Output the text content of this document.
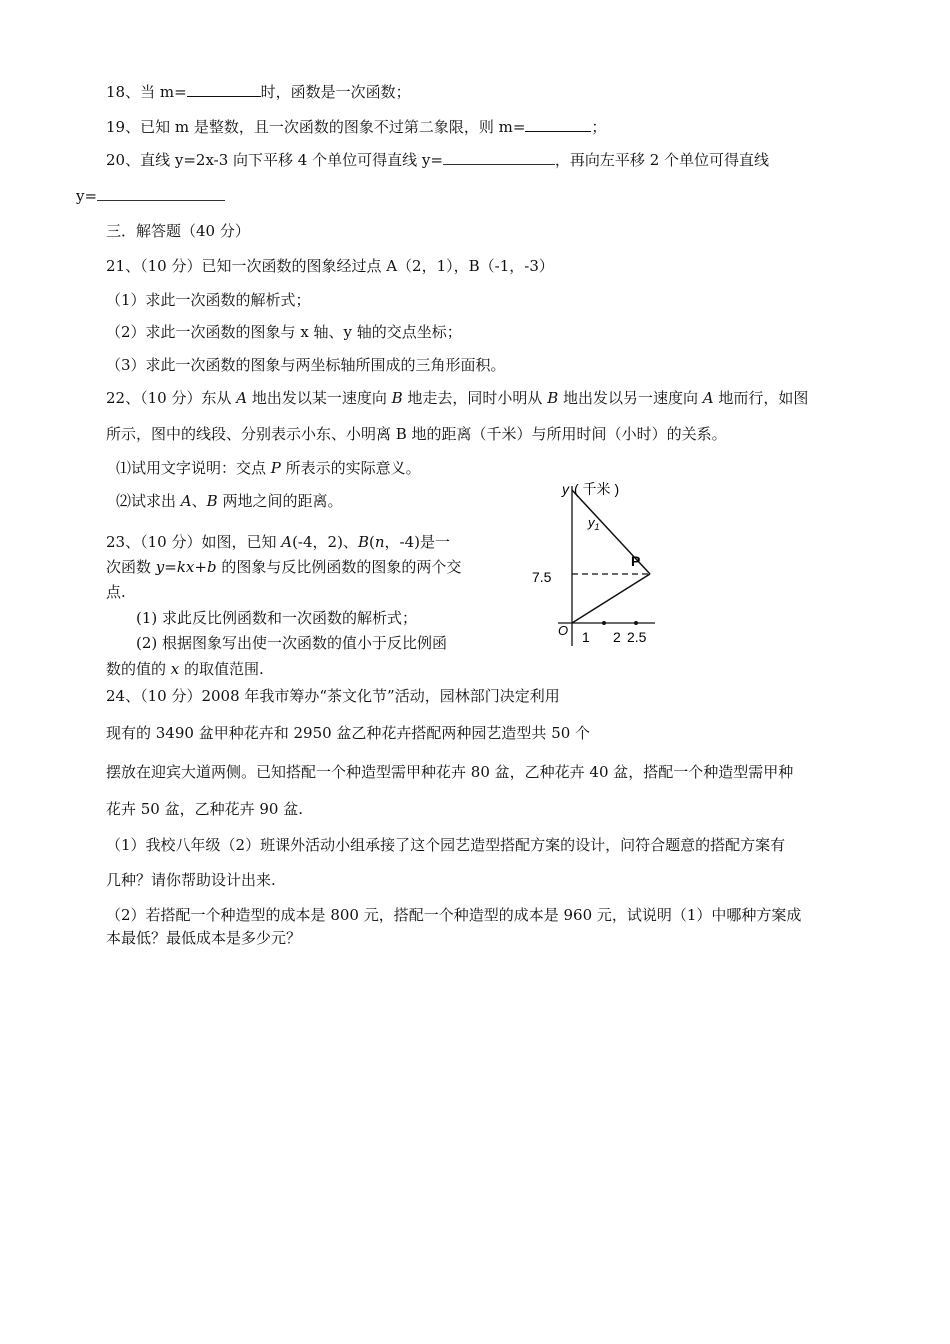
18、当 m=	时，函数是一次函数；
19、已知 m 是整数，且一次函数的图象不过第二象限，则 m=	；
20、直线 y=2x-3 向下平移 4 个单位可得直线 y=	，再向左平移 2 个单位可得直线
y=
三．解答题（40 分）
21、（10 分）已知一次函数的图象经过点 A（2，1），B（-1，-3）
（1）求此一次函数的解析式；
（2）求此一次函数的图象与 x 轴、y 轴的交点坐标；
（3）求此一次函数的图象与两坐标轴所围成的三角形面积。
22、（10 分）东从 A 地出发以某一速度向 B 地走去，同时小明从 B 地出发以另一速度向 A 地而行，如图
所示，图中的线段、分别表示小东、小明离 B 地的距离（千米）与所用时间（小时）的关系。
⑴试用文字说明：交点 P 所表示的实际意义。
⑵试求出 A、B 两地之间的距离。
23、（10 分）如图，已知 A(-4，2)、B(n，-4)是一
次函数 y=kx+b 的图象与反比例函数的图象的两个交
点.
(1) 求此反比例函数和一次函数的解析式；
(2) 根据图象写出使一次函数的值小于反比例函
数的值的 x 的取值范围.
y ( 千米 )
$y_1$
P
7.5
O 1 2 2.5
24、（10 分）2008 年我市筹办“茶文化节”活动，园林部门决定利用
现有的 3490 盆甲种花卉和 2950 盆乙种花卉搭配两种园艺造型共 50 个
摆放在迎宾大道两侧。已知搭配一个种造型需甲种花卉 80 盆，乙种花卉 40 盆，搭配一个种造型需甲种
花卉 50 盆，乙种花卉 90 盆.
（1）我校八年级（2）班课外活动小组承接了这个园艺造型搭配方案的设计，问符合题意的搭配方案有
几种？请你帮助设计出来.
（2）若搭配一个种造型的成本是 800 元，搭配一个种造型的成本是 960 元，试说明（1）中哪种方案成
本最低？最低成本是多少元？
